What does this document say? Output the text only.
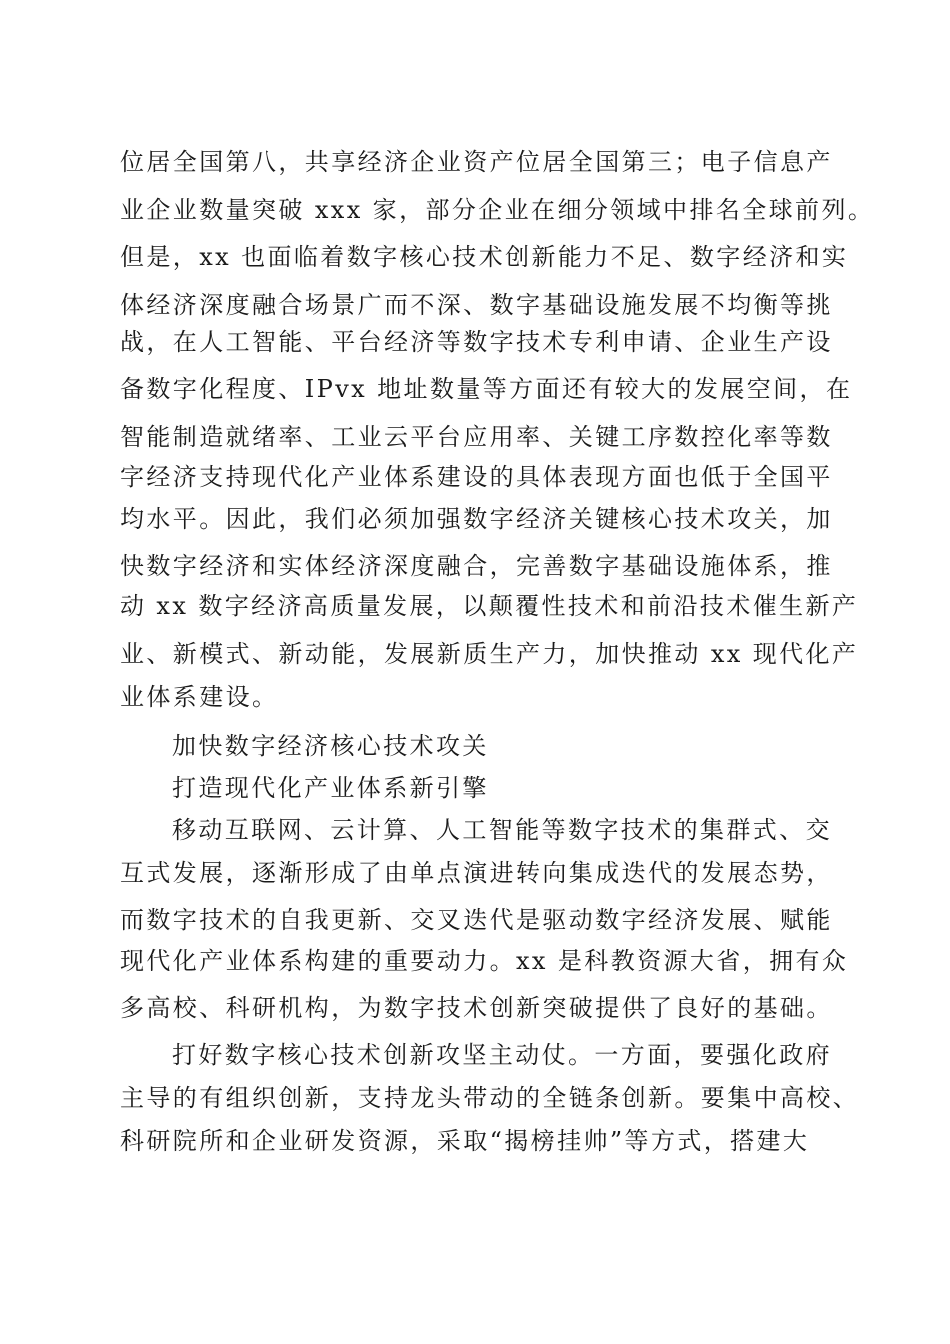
位居全国第八，共享经济企业资产位居全国第三；电子信息产
业企业数量突破 xxx 家，部分企业在细分领域中排名全球前列。
但是，xx 也面临着数字核心技术创新能力不足、数字经济和实
体经济深度融合场景广而不深、数字基础设施发展不均衡等挑
战，在人工智能、平台经济等数字技术专利申请、企业生产设
备数字化程度、IPvx 地址数量等方面还有较大的发展空间，在
智能制造就绪率、工业云平台应用率、关键工序数控化率等数
字经济支持现代化产业体系建设的具体表现方面也低于全国平
均水平。因此，我们必须加强数字经济关键核心技术攻关，加
快数字经济和实体经济深度融合，完善数字基础设施体系，推
动 xx 数字经济高质量发展，以颠覆性技术和前沿技术催生新产
业、新模式、新动能，发展新质生产力，加快推动 xx 现代化产
业体系建设。
加快数字经济核心技术攻关
打造现代化产业体系新引擎
移动互联网、云计算、人工智能等数字技术的集群式、交
互式发展，逐渐形成了由单点演进转向集成迭代的发展态势，
而数字技术的自我更新、交叉迭代是驱动数字经济发展、赋能
现代化产业体系构建的重要动力。xx 是科教资源大省，拥有众
多高校、科研机构，为数字技术创新突破提供了良好的基础。
打好数字核心技术创新攻坚主动仗。一方面，要强化政府
主导的有组织创新，支持龙头带动的全链条创新。要集中高校、
科研院所和企业研发资源，采取“揭榜挂帅”等方式，搭建大
